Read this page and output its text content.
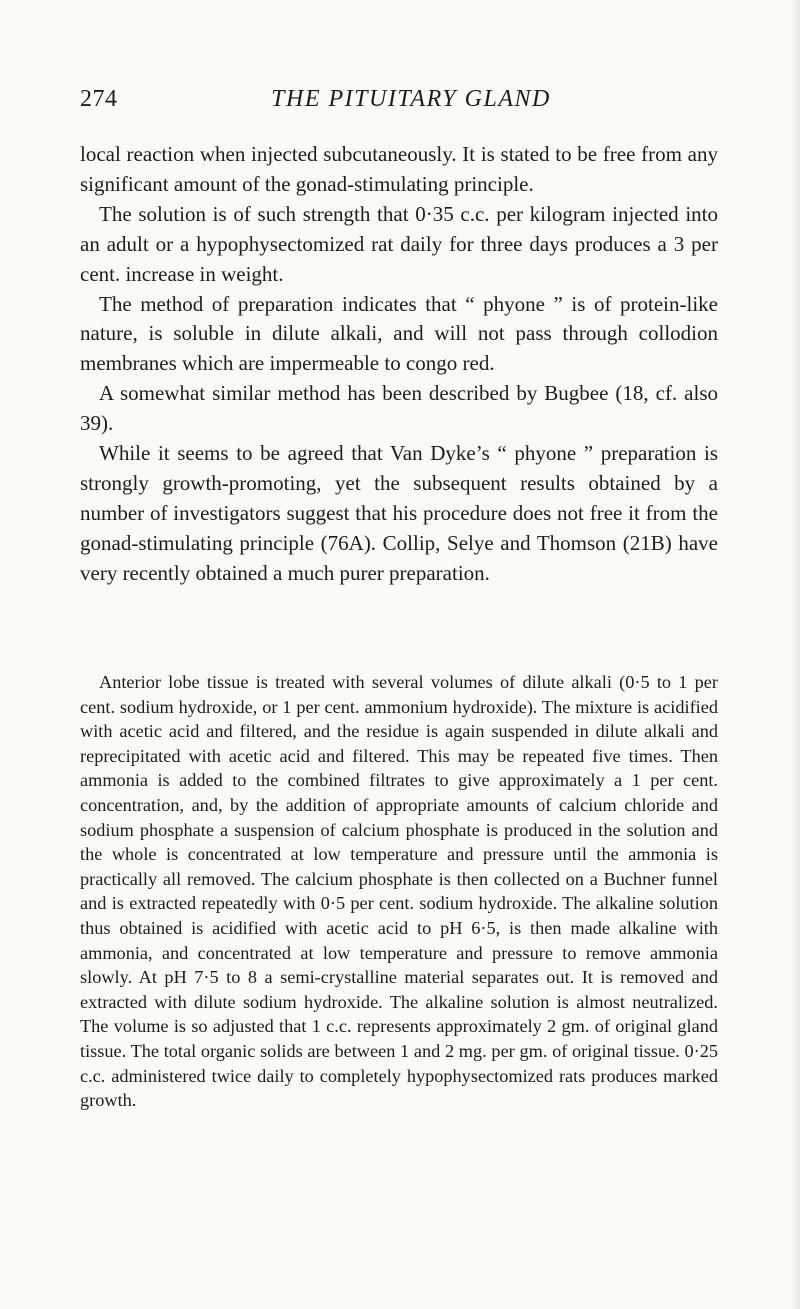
274	THE PITUITARY GLAND

local reaction when injected subcutaneously. It is stated to be free from any significant amount of the gonad-stimulating principle.

The solution is of such strength that 0·35 c.c. per kilogram injected into an adult or a hypophysectomized rat daily for three days produces a 3 per cent. increase in weight.

The method of preparation indicates that “ phyone ” is of protein-like nature, is soluble in dilute alkali, and will not pass through collodion membranes which are impermeable to congo red.

A somewhat similar method has been described by Bugbee (18, cf. also 39).

While it seems to be agreed that Van Dyke’s “ phyone ” preparation is strongly growth-promoting, yet the subsequent results obtained by a number of investigators suggest that his procedure does not free it from the gonad-stimulating principle (76A). Collip, Selye and Thomson (21B) have very recently obtained a much purer preparation.

Anterior lobe tissue is treated with several volumes of dilute alkali (0·5 to 1 per cent. sodium hydroxide, or 1 per cent. ammonium hydroxide). The mixture is acidified with acetic acid and filtered, and the residue is again suspended in dilute alkali and reprecipitated with acetic acid and filtered. This may be repeated five times. Then ammonia is added to the combined filtrates to give approximately a 1 per cent. concentration, and, by the addition of appropriate amounts of calcium chloride and sodium phosphate a suspension of calcium phosphate is produced in the solution and the whole is concentrated at low temperature and pressure until the ammonia is practically all removed. The calcium phosphate is then collected on a Buchner funnel and is extracted repeatedly with 0·5 per cent. sodium hydroxide. The alkaline solution thus obtained is acidified with acetic acid to pH 6·5, is then made alkaline with ammonia, and concentrated at low temperature and pressure to remove ammonia slowly. At pH 7·5 to 8 a semi-crystalline material separates out. It is removed and extracted with dilute sodium hydroxide. The alkaline solution is almost neutralized. The volume is so adjusted that 1 c.c. represents approximately 2 gm. of original gland tissue. The total organic solids are between 1 and 2 mg. per gm. of original tissue. 0·25 c.c. administered twice daily to completely hypophysectomized rats produces marked growth.
